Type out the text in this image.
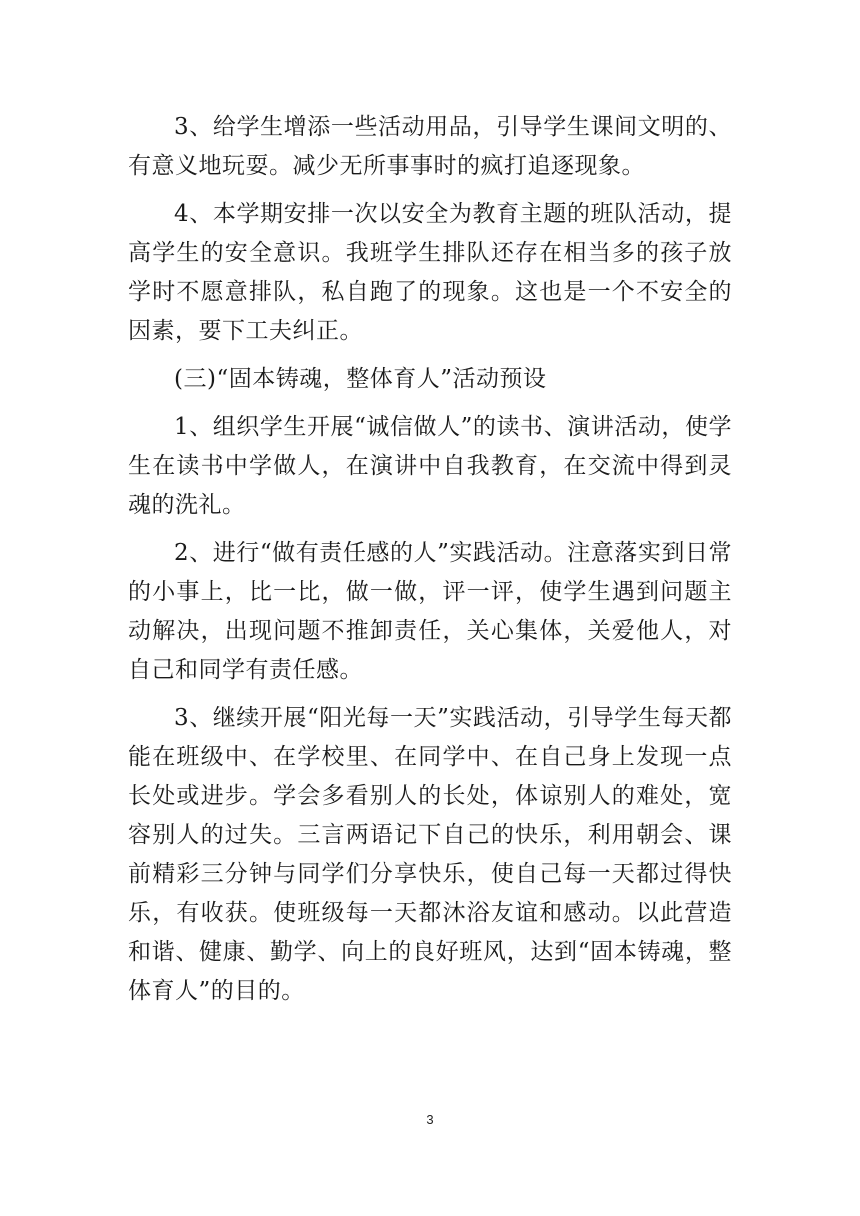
3、给学生增添一些活动用品，引导学生课间文明的、有意义地玩耍。减少无所事事时的疯打追逐现象。

4、本学期安排一次以安全为教育主题的班队活动，提高学生的安全意识。我班学生排队还存在相当多的孩子放学时不愿意排队，私自跑了的现象。这也是一个不安全的因素，要下工夫纠正。

(三)“固本铸魂，整体育人”活动预设

1、组织学生开展“诚信做人”的读书、演讲活动，使学生在读书中学做人，在演讲中自我教育，在交流中得到灵魂的洗礼。

2、进行“做有责任感的人”实践活动。注意落实到日常的小事上，比一比，做一做，评一评，使学生遇到问题主动解决，出现问题不推卸责任，关心集体，关爱他人，对自己和同学有责任感。

3、继续开展“阳光每一天”实践活动，引导学生每天都能在班级中、在学校里、在同学中、在自己身上发现一点长处或进步。学会多看别人的长处，体谅别人的难处，宽容别人的过失。三言两语记下自己的快乐，利用朝会、课前精彩三分钟与同学们分享快乐，使自己每一天都过得快乐，有收获。使班级每一天都沐浴友谊和感动。以此营造和谐、健康、勤学、向上的良好班风，达到“固本铸魂，整体育人”的目的。

3
